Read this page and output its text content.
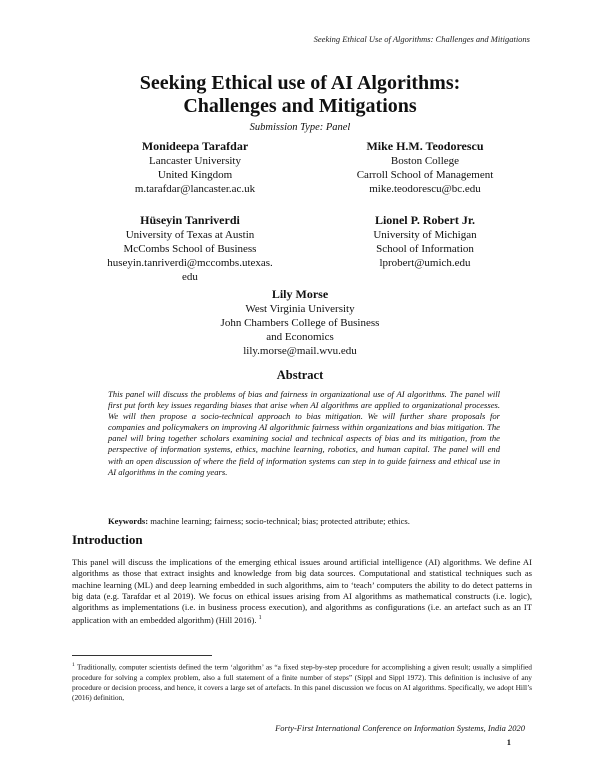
Seeking Ethical Use of Algorithms: Challenges and Mitigations
Seeking Ethical use of AI Algorithms:
Challenges and Mitigations
Submission Type: Panel
Monideepa Tarafdar
Lancaster University
United Kingdom
m.tarafdar@lancaster.ac.uk
Mike H.M. Teodorescu
Boston College
Carroll School of Management
mike.teodorescu@bc.edu
Hüseyin Tanriverdi
University of Texas at Austin
McCombs School of Business
huseyin.tanriverdi@mccombs.utexas.
edu
Lionel P. Robert Jr.
University of Michigan
School of Information
lprobert@umich.edu
Lily Morse
West Virginia University
John Chambers College of Business
and Economics
lily.morse@mail.wvu.edu
Abstract

This panel will discuss the problems of bias and fairness in organizational use of AI algorithms. The panel will first put forth key issues regarding biases that arise when AI algorithms are applied to organizational processes. We will then propose a socio-technical approach to bias mitigation. We will further share proposals for companies and policymakers on improving AI algorithmic fairness within organizations and bias mitigation. The panel will bring together scholars examining social and technical aspects of bias and its mitigation, from the perspective of information systems, ethics, machine learning, robotics, and human capital. The panel will end with an open discussion of where the field of information systems can step in to guide fairness and ethical use in AI algorithms in the coming years.

Keywords: machine learning; fairness; socio-technical; bias; protected attribute; ethics.
Introduction

This panel will discuss the implications of the emerging ethical issues around artificial intelligence (AI) algorithms. We define AI algorithms as those that extract insights and knowledge from big data sources. Computational and statistical techniques such as machine learning (ML) and deep learning embedded in such algorithms, aim to ‘teach’ computers the ability to do detect patterns in big data (e.g. Tarafdar et al 2019). We focus on ethical issues arising from AI algorithms as mathematical constructs (i.e. logic), algorithms as implementations (i.e. in business process execution), and algorithms as configurations (i.e. an artefact such as an IT application with an embedded algorithm) (Hill 2016). $^1$

$^1$ Traditionally, computer scientists defined the term ‘algorithm’ as “a fixed step-by-step procedure for accomplishing a given result; usually a simplified procedure for solving a complex problem, also a full statement of a finite number of steps” (Sippl and Sippl 1972). This definition is inclusive of any procedure or decision process, and hence, it covers a large set of artefacts. In this panel discussion we focus on AI algorithms. Specifically, we adopt Hill’s (2016) definition,

Forty-First International Conference on Information Systems, India 2020
1
